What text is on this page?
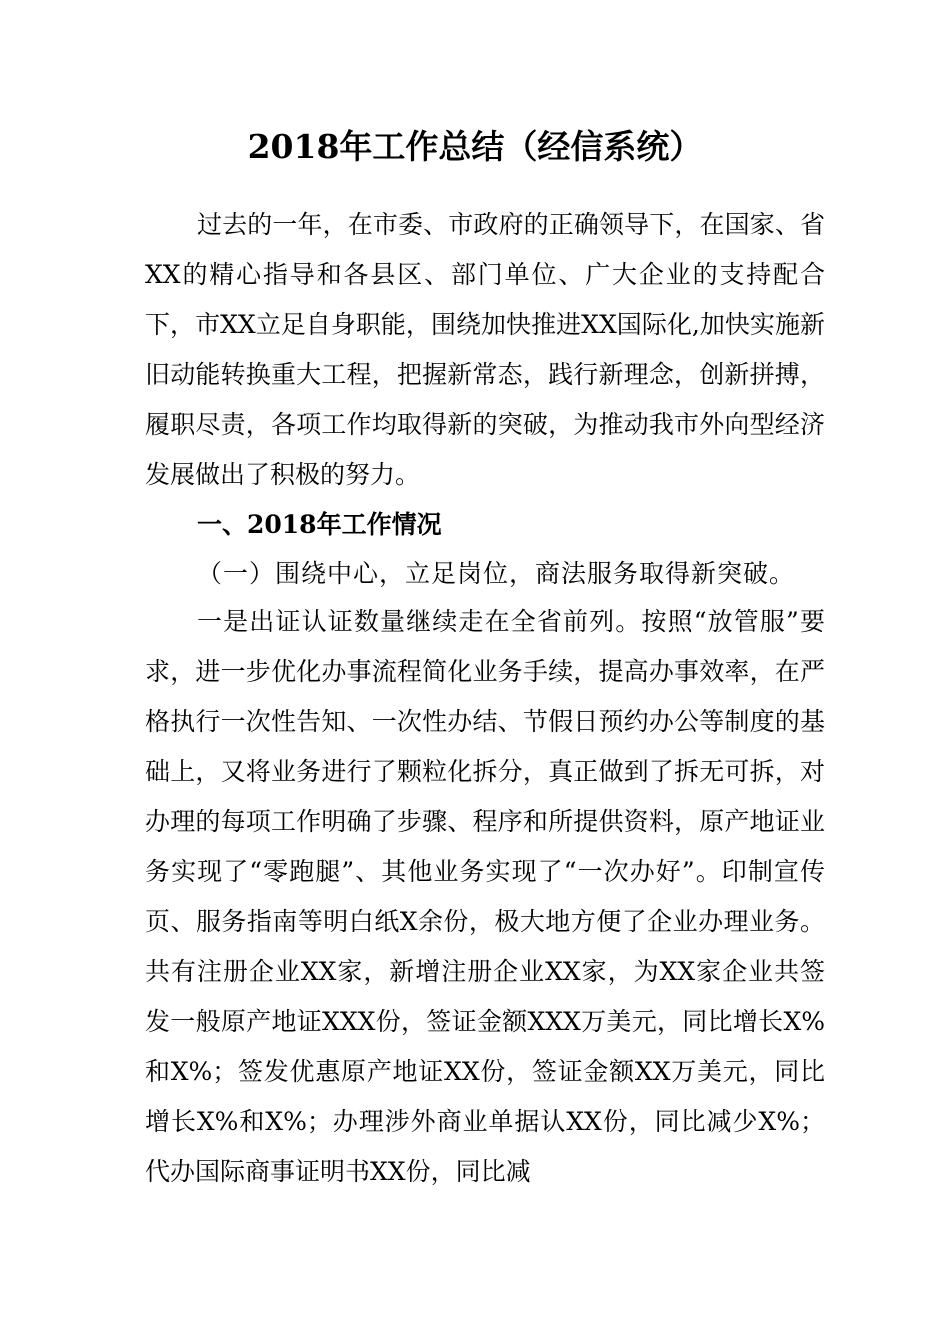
2018年工作总结（经信系统）

过去的一年，在市委、市政府的正确领导下，在国家、省XX的精心指导和各县区、部门单位、广大企业的支持配合下，市XX立足自身职能，围绕加快推进XX国际化,加快实施新旧动能转换重大工程，把握新常态，践行新理念，创新拼搏，履职尽责，各项工作均取得新的突破，为推动我市外向型经济发展做出了积极的努力。

一、2018年工作情况
（一）围绕中心，立足岗位，商法服务取得新突破。

一是出证认证数量继续走在全省前列。按照“放管服”要求，进一步优化办事流程简化业务手续，提高办事效率，在严格执行一次性告知、一次性办结、节假日预约办公等制度的基础上，又将业务进行了颗粒化拆分，真正做到了拆无可拆，对办理的每项工作明确了步骤、程序和所提供资料，原产地证业务实现了“零跑腿”、其他业务实现了“一次办好”。印制宣传页、服务指南等明白纸X余份，极大地方便了企业办理业务。共有注册企业XX家，新增注册企业XX家，为XX家企业共签发一般原产地证XXX份，签证金额XXX万美元，同比增长X%和X%；签发优惠原产地证XX份，签证金额XX万美元，同比增长X%和X%；办理涉外商业单据认XX份，同比减少X%；代办国际商事证明书XX份，同比减
